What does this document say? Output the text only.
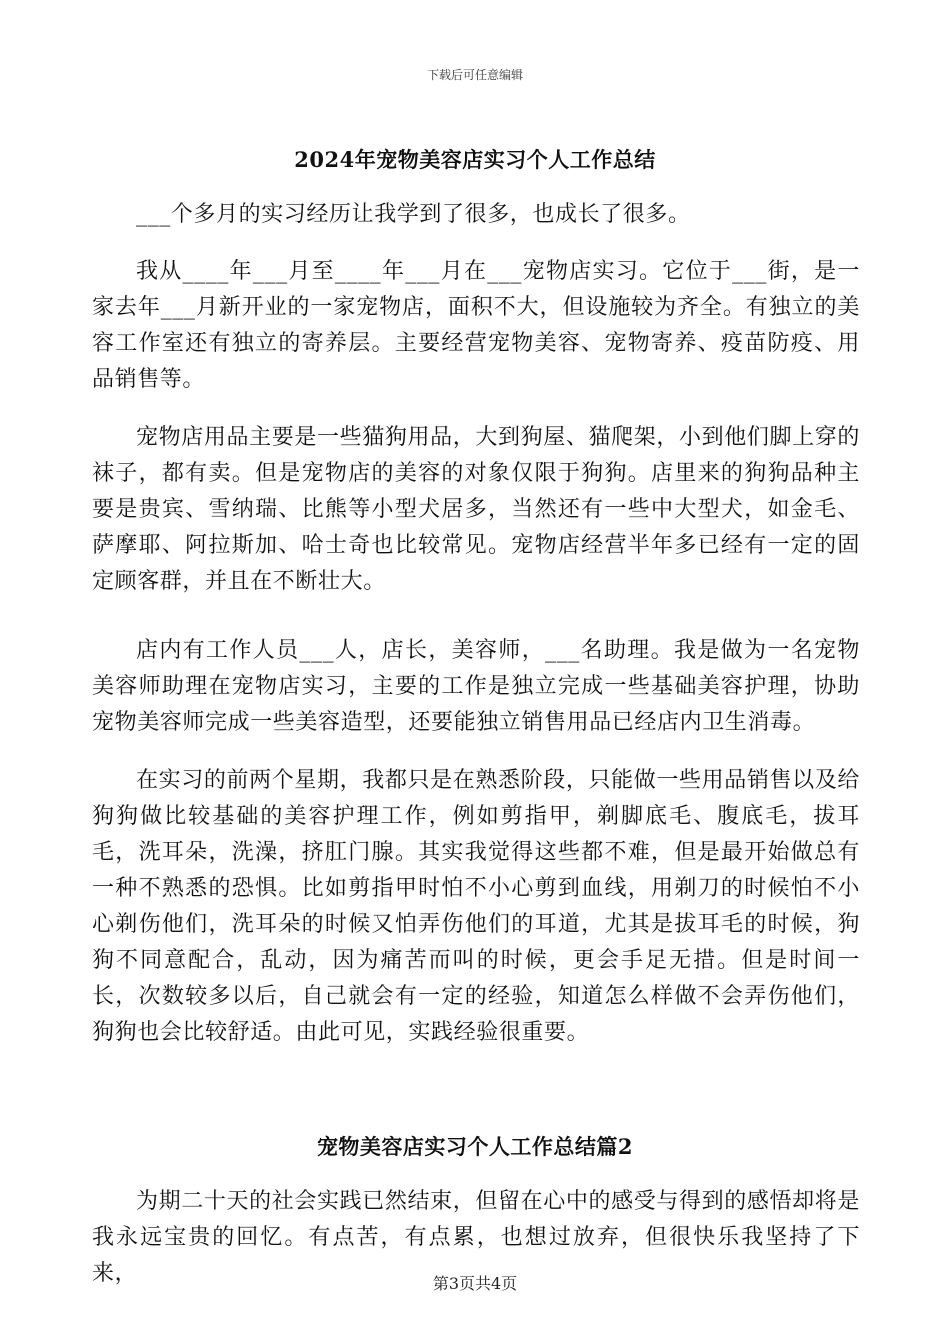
下载后可任意编辑
2024年宠物美容店实习个人工作总结

___个多月的实习经历让我学到了很多，也成长了很多。

我从____年___月至____年___月在___宠物店实习。它位于___街，是一家去年___月新开业的一家宠物店，面积不大，但设施较为齐全。有独立的美容工作室还有独立的寄养层。主要经营宠物美容、宠物寄养、疫苗防疫、用品销售等。

宠物店用品主要是一些猫狗用品，大到狗屋、猫爬架，小到他们脚上穿的袜子，都有卖。但是宠物店的美容的对象仅限于狗狗。店里来的狗狗品种主要是贵宾、雪纳瑞、比熊等小型犬居多，当然还有一些中大型犬，如金毛、萨摩耶、阿拉斯加、哈士奇也比较常见。宠物店经营半年多已经有一定的固定顾客群，并且在不断壮大。

店内有工作人员___人，店长，美容师，___名助理。我是做为一名宠物美容师助理在宠物店实习，主要的工作是独立完成一些基础美容护理，协助宠物美容师完成一些美容造型，还要能独立销售用品已经店内卫生消毒。

在实习的前两个星期，我都只是在熟悉阶段，只能做一些用品销售以及给狗狗做比较基础的美容护理工作，例如剪指甲，剃脚底毛、腹底毛，拔耳毛，洗耳朵，洗澡，挤肛门腺。其实我觉得这些都不难，但是最开始做总有一种不熟悉的恐惧。比如剪指甲时怕不小心剪到血线，用剃刀的时候怕不小心剃伤他们，洗耳朵的时候又怕弄伤他们的耳道，尤其是拔耳毛的时候，狗狗不同意配合，乱动，因为痛苦而叫的时候，更会手足无措。但是时间一长，次数较多以后，自己就会有一定的经验，知道怎么样做不会弄伤他们，狗狗也会比较舒适。由此可见，实践经验很重要。

宠物美容店实习个人工作总结篇2

为期二十天的社会实践已然结束，但留在心中的感受与得到的感悟却将是我永远宝贵的回忆。有点苦，有点累，也想过放弃，但很快乐我坚持了下来，	第3页共4页
